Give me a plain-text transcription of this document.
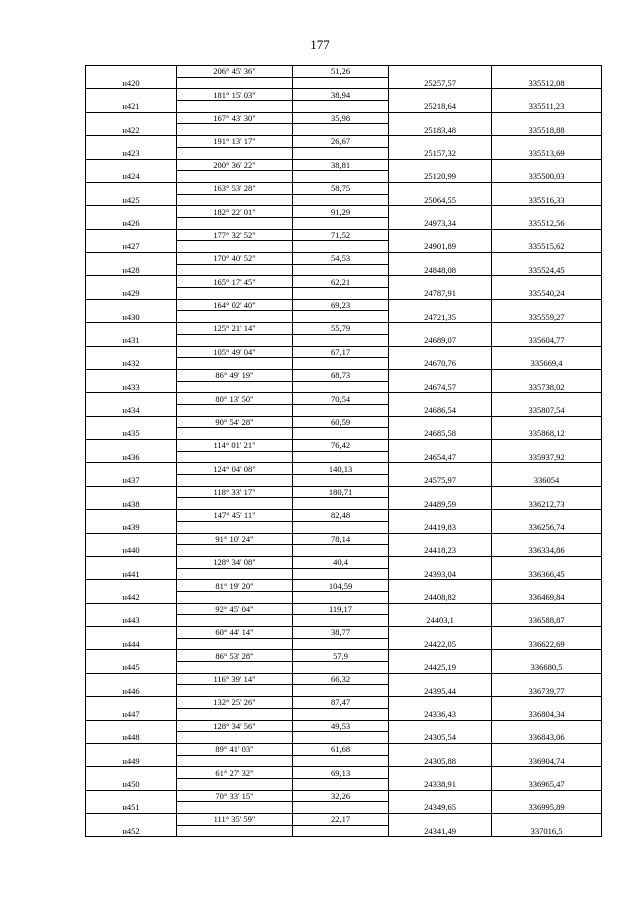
177
	206° 45' 36"	51,26		
н420			25257,57	335512,08
	181° 15' 03"	38,94		
н421			25218,64	335511,23
	167° 43' 30"	35,98		
н422			25183,48	335518,88
	191° 13' 17"	26,67		
н423			25157,32	335513,69
	200° 36' 22"	38,81		
н424			25120,99	335500,03
	163° 53' 28"	58,75		
н425			25064,55	335516,33
	182° 22' 01"	91,29		
н426			24973,34	335512,56
	177° 32' 52"	71,52		
н427			24901,89	335515,62
	170° 40' 52"	54,53		
н428			24848,08	335524,45
	165° 17' 45"	62,21		
н429			24787,91	335540,24
	164° 02' 40"	69,23		
н430			24721,35	335559,27
	125° 21' 14"	55,79		
н431			24689,07	335604,77
	105° 49' 04"	67,17		
н432			24670,76	335669,4
	86° 49' 19"	68,73		
н433			24674,57	335738,02
	80° 13' 50"	70,54		
н434			24686,54	335807,54
	90° 54' 28"	60,59		
н435			24685,58	335868,12
	114° 01' 21"	76,42		
н436			24654,47	335937,92
	124° 04' 08"	140,13		
н437			24575,97	336054
	118° 33' 17"	180,71		
н438			24489,59	336212,73
	147° 45' 11"	82,48		
н439			24419,83	336256,74
	91° 10' 24"	78,14		
н440			24418,23	336334,86
	128° 34' 08"	40,4		
н441			24393,04	336366,45
	81° 19' 20"	104,59		
н442			24408,82	336469,84
	92° 45' 04"	119,17		
н443			24403,1	336588,87
	60° 44' 14"	38,77		
н444			24422,05	336622,69
	86° 53' 28"	57,9		
н445			24425,19	336680,5
	116° 39' 14"	66,32		
н446			24395,44	336739,77
	132° 25' 26"	87,47		
н447			24336,43	336804,34
	128° 34' 56"	49,53		
н448			24305,54	336843,06
	89° 41' 03"	61,68		
н449			24305,88	336904,74
	61° 27' 32"	69,13		
н450			24338,91	336965,47
	70° 33' 15"	32,26		
н451			24349,65	336995,89
	111° 35' 59"	22,17		
н452			24341,49	337016,5
